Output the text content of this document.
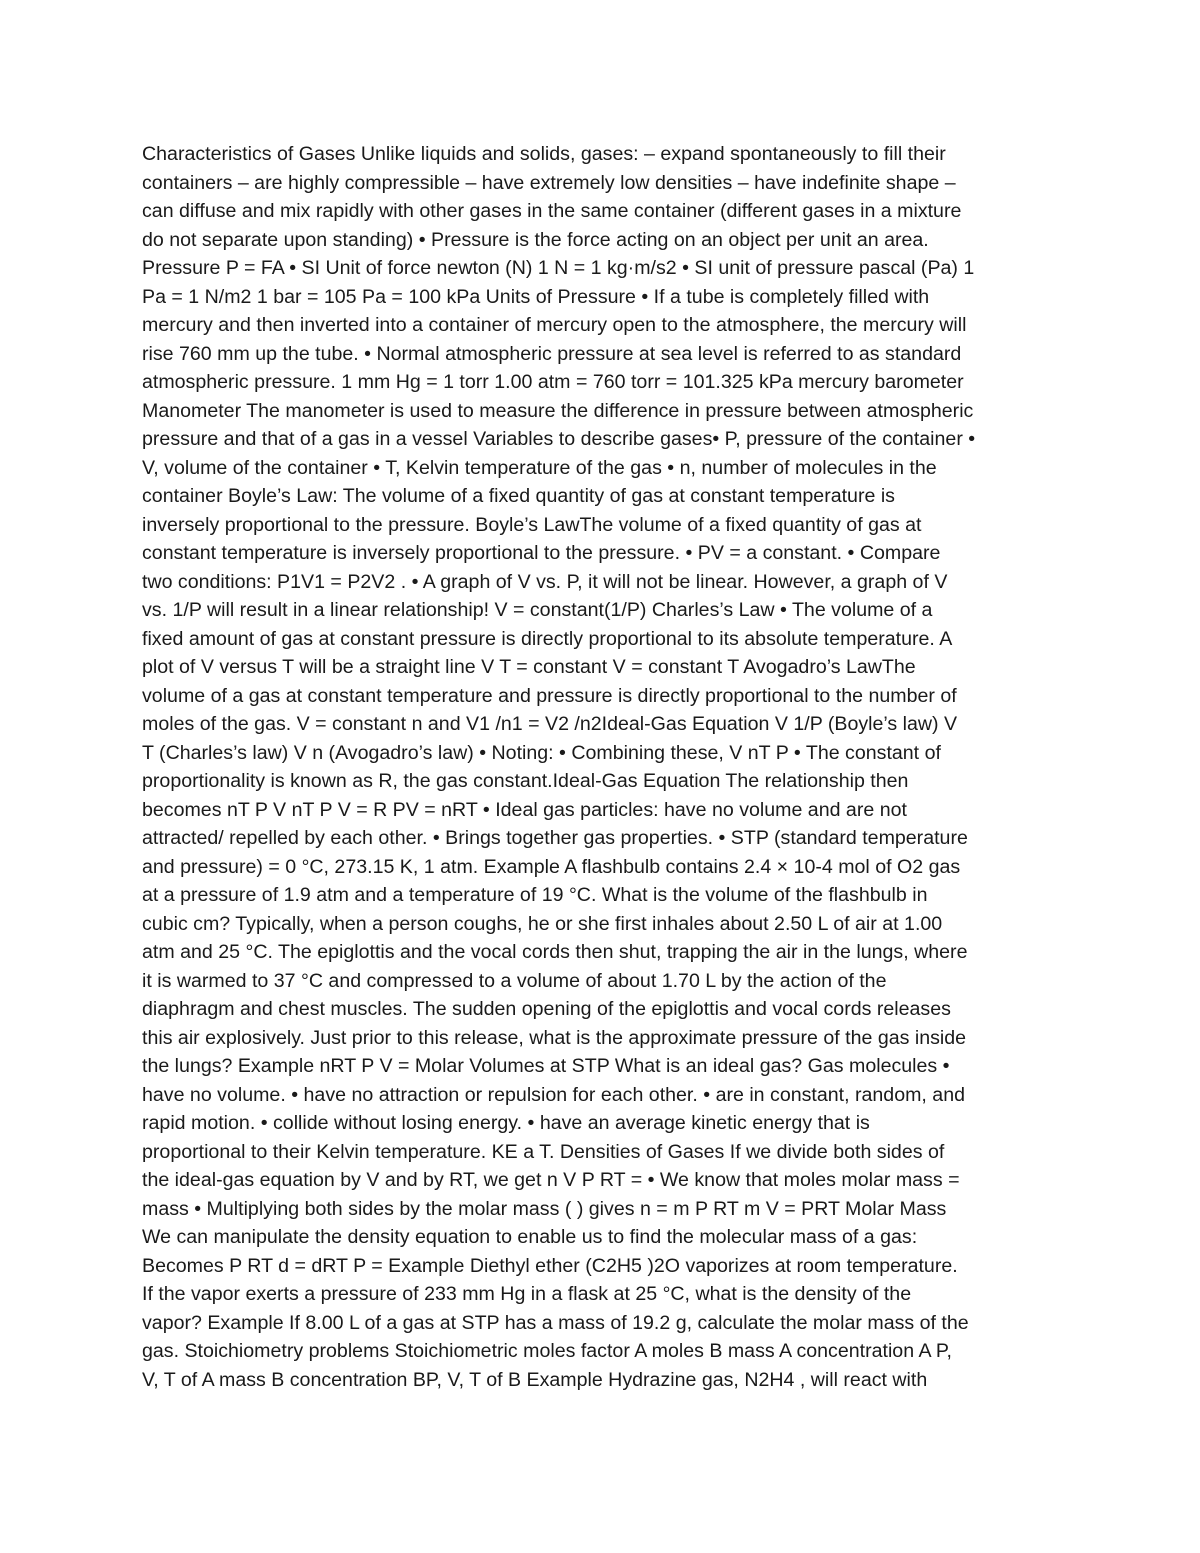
Characteristics of Gases Unlike liquids and solids, gases: – expand spontaneously to fill their
containers – are highly compressible – have extremely low densities – have indefinite shape –
can diffuse and mix rapidly with other gases in the same container (different gases in a mixture
do not separate upon standing) • Pressure is the force acting on an object per unit an area.
Pressure P = FA • SI Unit of force newton (N) 1 N = 1 kg·m/s2 • SI unit of pressure pascal (Pa) 1
Pa = 1 N/m2 1 bar = 105 Pa = 100 kPa Units of Pressure • If a tube is completely filled with
mercury and then inverted into a container of mercury open to the atmosphere, the mercury will
rise 760 mm up the tube. • Normal atmospheric pressure at sea level is referred to as standard
atmospheric pressure. 1 mm Hg = 1 torr 1.00 atm = 760 torr = 101.325 kPa mercury barometer
Manometer The manometer is used to measure the difference in pressure between atmospheric
pressure and that of a gas in a vessel Variables to describe gases• P, pressure of the container •
V, volume of the container • T, Kelvin temperature of the gas • n, number of molecules in the
container Boyle’s Law: The volume of a fixed quantity of gas at constant temperature is
inversely proportional to the pressure. Boyle’s LawThe volume of a fixed quantity of gas at
constant temperature is inversely proportional to the pressure. • PV = a constant. • Compare
two conditions: P1V1 = P2V2 . • A graph of V vs. P, it will not be linear. However, a graph of V
vs. 1/P will result in a linear relationship! V = constant(1/P) Charles’s Law • The volume of a
fixed amount of gas at constant pressure is directly proportional to its absolute temperature. A
plot of V versus T will be a straight line V T = constant V = constant T Avogadro’s LawThe
volume of a gas at constant temperature and pressure is directly proportional to the number of
moles of the gas. V = constant n and V1 /n1 = V2 /n2Ideal-Gas Equation V 1/P (Boyle’s law) V
T (Charles’s law) V n (Avogadro’s law) • Noting: • Combining these, V nT P • The constant of
proportionality is known as R, the gas constant.Ideal-Gas Equation The relationship then
becomes nT P V nT P V = R PV = nRT • Ideal gas particles: have no volume and are not
attracted/ repelled by each other. • Brings together gas properties. • STP (standard temperature
and pressure) = 0 °C, 273.15 K, 1 atm. Example A flashbulb contains 2.4 × 10-4 mol of O2 gas
at a pressure of 1.9 atm and a temperature of 19 °C. What is the volume of the flashbulb in
cubic cm? Typically, when a person coughs, he or she first inhales about 2.50 L of air at 1.00
atm and 25 °C. The epiglottis and the vocal cords then shut, trapping the air in the lungs, where
it is warmed to 37 °C and compressed to a volume of about 1.70 L by the action of the
diaphragm and chest muscles. The sudden opening of the epiglottis and vocal cords releases
this air explosively. Just prior to this release, what is the approximate pressure of the gas inside
the lungs? Example nRT P V = Molar Volumes at STP What is an ideal gas? Gas molecules •
have no volume. • have no attraction or repulsion for each other. • are in constant, random, and
rapid motion. • collide without losing energy. • have an average kinetic energy that is
proportional to their Kelvin temperature. KE a T. Densities of Gases If we divide both sides of
the ideal-gas equation by V and by RT, we get n V P RT = • We know that moles molar mass =
mass • Multiplying both sides by the molar mass ( ) gives n = m P RT m V = PRT Molar Mass
We can manipulate the density equation to enable us to find the molecular mass of a gas:
Becomes P RT d = dRT P = Example Diethyl ether (C2H5 )2O vaporizes at room temperature.
If the vapor exerts a pressure of 233 mm Hg in a flask at 25 °C, what is the density of the
vapor? Example If 8.00 L of a gas at STP has a mass of 19.2 g, calculate the molar mass of the
gas. Stoichiometry problems Stoichiometric moles factor A moles B mass A concentration A P,
V, T of A mass B concentration BP, V, T of B Example Hydrazine gas, N2H4 , will react with
